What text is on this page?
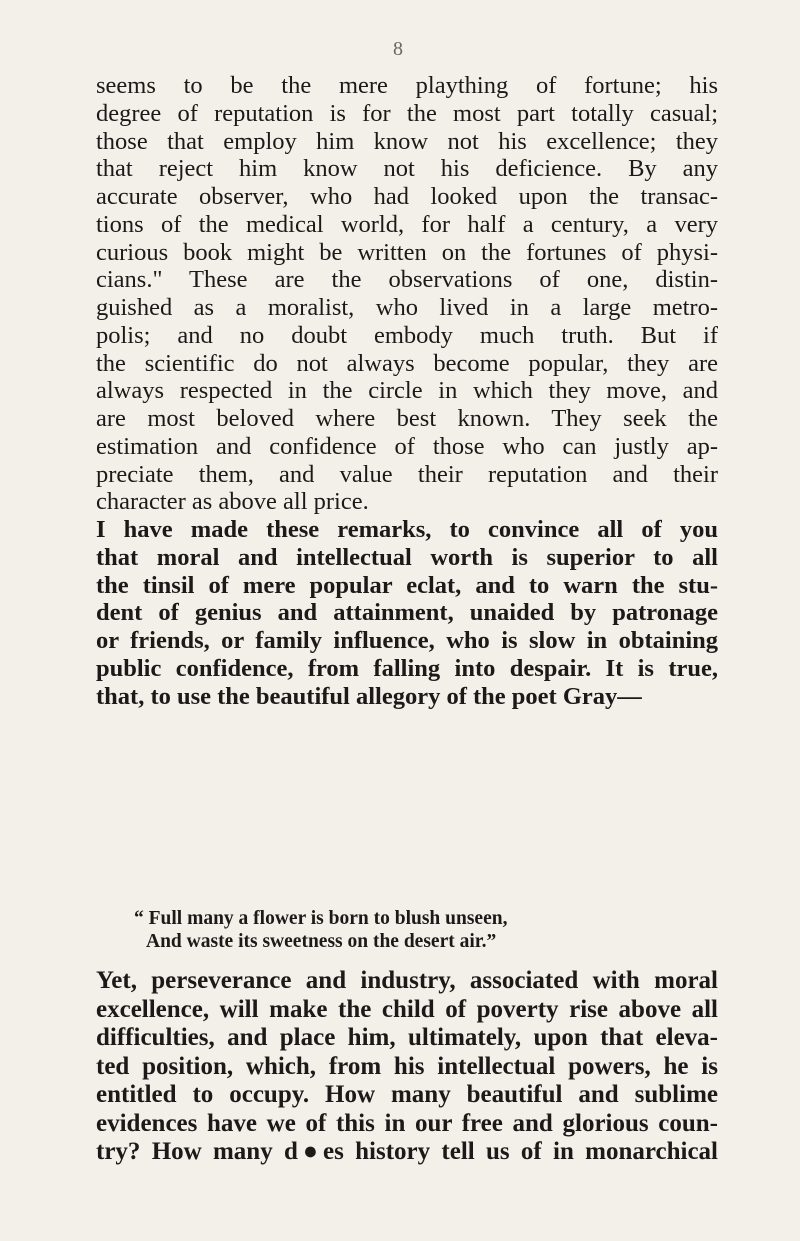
8
seems to be the mere plaything of fortune; his
degree of reputation is for the most part totally casual;
those that employ him know not his excellence; they
that reject him know not his deficience. By any
accurate observer, who had looked upon the transac-
tions of the medical world, for half a century, a very
curious book might be written on the fortunes of physi-
cians." These are the observations of one, distin-
guished as a moralist, who lived in a large metro-
polis; and no doubt embody much truth. But if
the scientific do not always become popular, they are
always respected in the circle in which they move, and
are most beloved where best known. They seek the
estimation and confidence of those who can justly ap-
preciate them, and value their reputation and their
character as above all price.
I have made these remarks, to convince all of you
that moral and intellectual worth is superior to all
the tinsil of mere popular eclat, and to warn the stu-
dent of genius and attainment, unaided by patronage
or friends, or family influence, who is slow in obtaining
public confidence, from falling into despair. It is true,
that, to use the beautiful allegory of the poet Gray—
“ Full many a flower is born to blush unseen,
And waste its sweetness on the desert air.”
Yet, perseverance and industry, associated with moral
excellence, will make the child of poverty rise above all
difficulties, and place him, ultimately, upon that eleva-
ted position, which, from his intellectual powers, he is
entitled to occupy. How many beautiful and sublime
evidences have we of this in our free and glorious coun-
try? How many d●es history tell us of in monarchical
